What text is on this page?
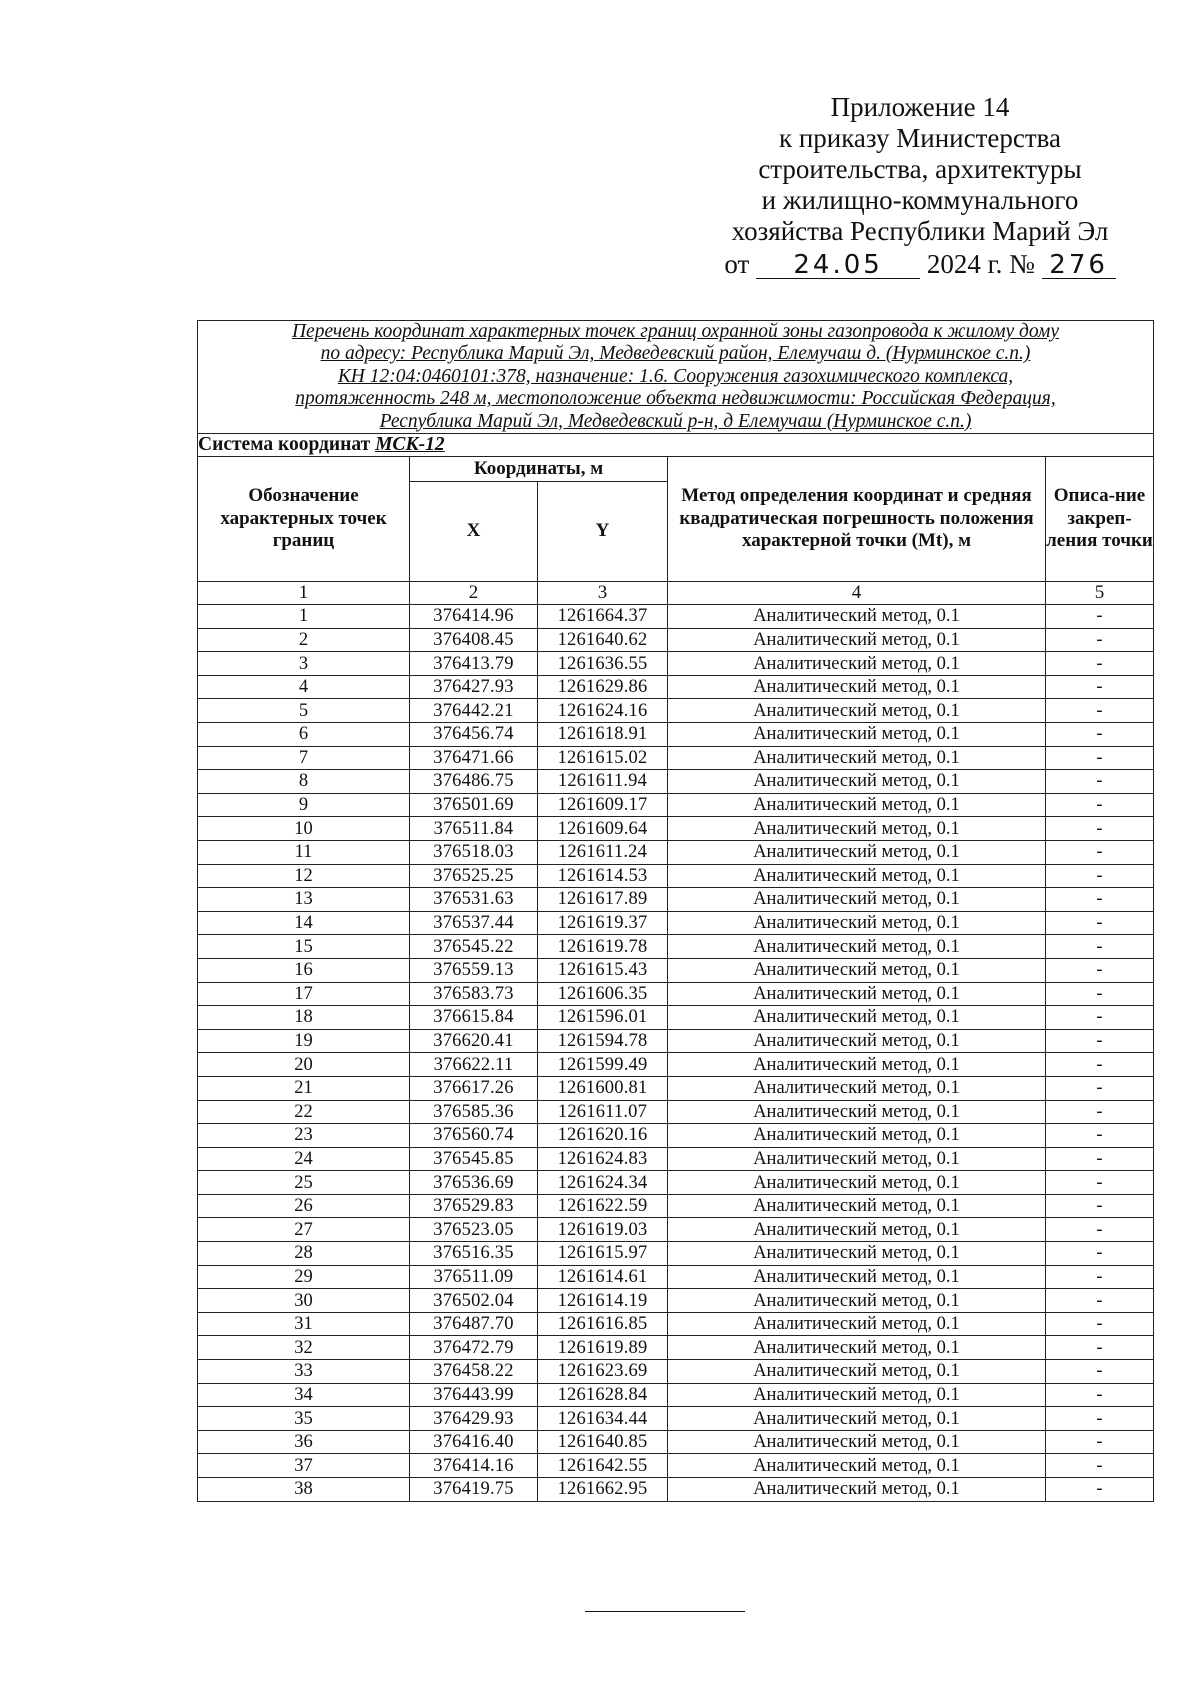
Приложение 14
к приказу Министерства
строительства, архитектуры
и жилищно-коммунального
хозяйства Республики Марий Эл
от 24.05 2024 г. № 276
Перечень координат характерных точек границ охранной зоны газопровода к жилому дому
по адресу: Республика Марий Эл, Медведевский район, Елемучаш д. (Нурминское с.п.)
КН 12:04:0460101:378, назначение: 1.6. Сооружения газохимического комплекса,
протяженность 248 м, местоположение объекта недвижимости: Российская Федерация,
Республика Марий Эл, Медведевский р-н, д Елемучаш (Нурминское с.п.)				

Система координат МСК-12				
Обозначение характерных точек границ	Координаты, м		Метод определения координат и средняя квадратическая погрешность положения характерной точки (Mt), м	Описа-ние закреп-ления точки
	X	Y		
1	2	3	4	5
1	376414.96	1261664.37	Аналитический метод, 0.1	-
2	376408.45	1261640.62	Аналитический метод, 0.1	-
3	376413.79	1261636.55	Аналитический метод, 0.1	-
4	376427.93	1261629.86	Аналитический метод, 0.1	-
5	376442.21	1261624.16	Аналитический метод, 0.1	-
6	376456.74	1261618.91	Аналитический метод, 0.1	-
7	376471.66	1261615.02	Аналитический метод, 0.1	-
8	376486.75	1261611.94	Аналитический метод, 0.1	-
9	376501.69	1261609.17	Аналитический метод, 0.1	-
10	376511.84	1261609.64	Аналитический метод, 0.1	-
11	376518.03	1261611.24	Аналитический метод, 0.1	-
12	376525.25	1261614.53	Аналитический метод, 0.1	-
13	376531.63	1261617.89	Аналитический метод, 0.1	-
14	376537.44	1261619.37	Аналитический метод, 0.1	-
15	376545.22	1261619.78	Аналитический метод, 0.1	-
16	376559.13	1261615.43	Аналитический метод, 0.1	-
17	376583.73	1261606.35	Аналитический метод, 0.1	-
18	376615.84	1261596.01	Аналитический метод, 0.1	-
19	376620.41	1261594.78	Аналитический метод, 0.1	-
20	376622.11	1261599.49	Аналитический метод, 0.1	-
21	376617.26	1261600.81	Аналитический метод, 0.1	-
22	376585.36	1261611.07	Аналитический метод, 0.1	-
23	376560.74	1261620.16	Аналитический метод, 0.1	-
24	376545.85	1261624.83	Аналитический метод, 0.1	-
25	376536.69	1261624.34	Аналитический метод, 0.1	-
26	376529.83	1261622.59	Аналитический метод, 0.1	-
27	376523.05	1261619.03	Аналитический метод, 0.1	-
28	376516.35	1261615.97	Аналитический метод, 0.1	-
29	376511.09	1261614.61	Аналитический метод, 0.1	-
30	376502.04	1261614.19	Аналитический метод, 0.1	-
31	376487.70	1261616.85	Аналитический метод, 0.1	-
32	376472.79	1261619.89	Аналитический метод, 0.1	-
33	376458.22	1261623.69	Аналитический метод, 0.1	-
34	376443.99	1261628.84	Аналитический метод, 0.1	-
35	376429.93	1261634.44	Аналитический метод, 0.1	-
36	376416.40	1261640.85	Аналитический метод, 0.1	-
37	376414.16	1261642.55	Аналитический метод, 0.1	-
38	376419.75	1261662.95	Аналитический метод, 0.1	-
